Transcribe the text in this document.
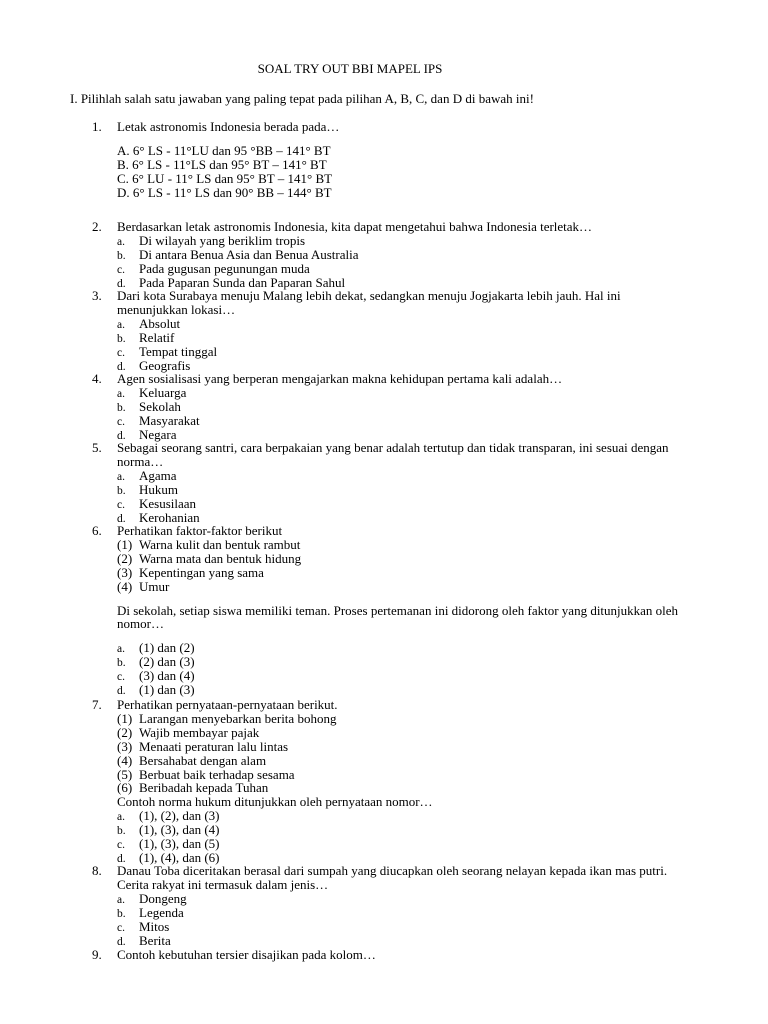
SOAL TRY OUT BBI MAPEL IPS
I. Pilihlah salah satu jawaban yang paling tepat pada pilihan A, B, C, dan D di bawah ini!
1.	Letak astronomis Indonesia berada pada…
A. 6° LS - 11°LU dan 95 °BB – 141° BT
B. 6° LS - 11°LS dan 95° BT – 141° BT
C. 6° LU - 11° LS dan 95° BT – 141° BT
D. 6° LS - 11° LS dan 90° BB – 144° BT
2.	Berdasarkan letak astronomis Indonesia, kita dapat mengetahui bahwa Indonesia terletak…
a. Di wilayah yang beriklim tropis
b. Di antara Benua Asia dan Benua Australia
c. Pada gugusan pegunungan muda
d. Pada Paparan Sunda dan Paparan Sahul
3.	Dari kota Surabaya menuju Malang lebih dekat, sedangkan menuju Jogjakarta lebih jauh. Hal ini
menunjukkan lokasi…
a. Absolut
b. Relatif
c. Tempat tinggal
d. Geografis
4.	Agen sosialisasi yang berperan mengajarkan makna kehidupan pertama kali adalah…
a. Keluarga
b. Sekolah
c. Masyarakat
d. Negara
5.	Sebagai seorang santri, cara berpakaian yang benar adalah tertutup dan tidak transparan, ini sesuai dengan
norma…
a. Agama
b. Hukum
c. Kesusilaan
d. Kerohanian
6.	Perhatikan faktor-faktor berikut
(1) Warna kulit dan bentuk rambut
(2) Warna mata dan bentuk hidung
(3) Kepentingan yang sama
(4) Umur
Di sekolah, setiap siswa memiliki teman. Proses pertemanan ini didorong oleh faktor yang ditunjukkan oleh
nomor…
a. (1) dan (2)
b. (2) dan (3)
c. (3) dan (4)
d. (1) dan (3)
7.	Perhatikan pernyataan-pernyataan berikut.
(1) Larangan menyebarkan berita bohong
(2) Wajib membayar pajak
(3) Menaati peraturan lalu lintas
(4) Bersahabat dengan alam
(5) Berbuat baik terhadap sesama
(6) Beribadah kepada Tuhan
Contoh norma hukum ditunjukkan oleh pernyataan nomor…
a. (1), (2), dan (3)
b. (1), (3), dan (4)
c. (1), (3), dan (5)
d. (1), (4), dan (6)
8.	Danau Toba diceritakan berasal dari sumpah yang diucapkan oleh seorang nelayan kepada ikan mas putri.
Cerita rakyat ini termasuk dalam jenis…
a. Dongeng
b. Legenda
c. Mitos
d. Berita
9.	Contoh kebutuhan tersier disajikan pada kolom…
